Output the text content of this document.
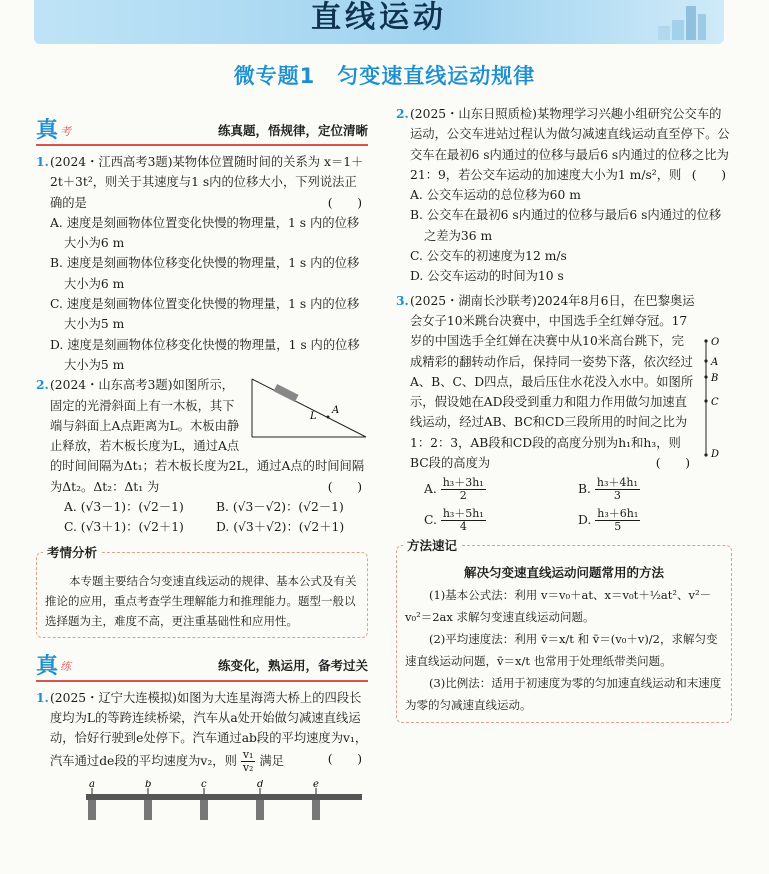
直线运动
微专题1　匀变速直线运动规律
真 考	练真题，悟规律，定位清晰
1. (2024・江西高考3题)某物体位置随时间的关系为 x＝1＋2t＋3t²，则关于其速度与1 s内的位移大小，下列说法正确的是	(　　)
A. 速度是刻画物体位置变化快慢的物理量，1 s 内的位移大小为6 m
B. 速度是刻画物体位移变化快慢的物理量，1 s 内的位移大小为6 m
C. 速度是刻画物体位置变化快慢的物理量，1 s 内的位移大小为5 m
D. 速度是刻画物体位移变化快慢的物理量，1 s 内的位移大小为5 m
2.
A
L
(2024・山东高考3题)如图所示，固定的光滑斜面上有一木板，其下端与斜面上A点距离为L。木板由静止释放，若木板长度为L，通过A点的时间间隔为Δt₁；若木板长度为2L，通过A点的时间间隔为Δt₂。Δt₂：Δt₁ 为	(　　)
A. (√3－1)：(√2－1)	B. (√3－√2)：(√2－1)
C. (√3＋1)：(√2＋1)	D. (√3＋√2)：(√2＋1)
考情分析
本专题主要结合匀变速直线运动的规律、基本公式及有关推论的应用，重点考查学生理解能力和推理能力。题型一般以选择题为主，难度不高，更注重基础性和应用性。
真 练	练变化，熟运用，备考过关
1. (2025・辽宁大连模拟)如图为大连星海湾大桥上的四段长度均为L的等跨连续桥梁，汽车从a处开始做匀减速直线运动，恰好行驶到e处停下。汽车通过ab段的平均速度为v₁，汽车通过de段的平均速度为v₂，则 $\frac{\text{v₁}}{\text{v₂}}$ 满足	(　　)
a	b	c	d	e
2. (2025・山东日照质检)某物理学习兴趣小组研究公交车的运动，公交车进站过程认为做匀减速直线运动直至停下。公交车在最初6 s内通过的位移与最后6 s内通过的位移之比为21：9，若公交车运动的加速度大小为1 m/s²，则 (　　)
A. 公交车运动的总位移为60 m
B. 公交车在最初6 s内通过的位移与最后6 s内通过的位移之差为36 m
C. 公交车的初速度为12 m/s
D. 公交车运动的时间为10 s
3.
O
A
B
C
D
(2025・湖南长沙联考)2024年8月6日，在巴黎奥运会女子10米跳台决赛中，中国选手全红婵夺冠。17岁的中国选手全红婵在决赛中从10米高台跳下，完成精彩的翻转动作后，保持同一姿势下落，依次经过A、B、C、D四点，最后压住水花没入水中。如图所示，假设她在AD段受到重力和阻力作用做匀加速直线运动，经过AB、BC和CD三段所用的时间之比为1：2：3，AB段和CD段的高度分别为h₁和h₃，则BC段的高度为	(　　)
A. $\frac{\text{h₃＋3h₁}}{2}$	B. $\frac{\text{h₃＋4h₁}}{3}$
C. $\frac{\text{h₃＋5h₁}}{4}$	D. $\frac{\text{h₃＋6h₁}}{5}$
方法速记
解决匀变速直线运动问题常用的方法
(1)基本公式法：利用 v＝v₀＋at、x＝v₀t＋½at²、v²－v₀²＝2ax 求解匀变速直线运动问题。
(2)平均速度法：利用 v̄＝x/t 和 v̄＝(v₀＋v)/2，求解匀变速直线运动问题，v̄＝x/t 也常用于处理纸带类问题。
(3)比例法：适用于初速度为零的匀加速直线运动和末速度为零的匀减速直线运动。
